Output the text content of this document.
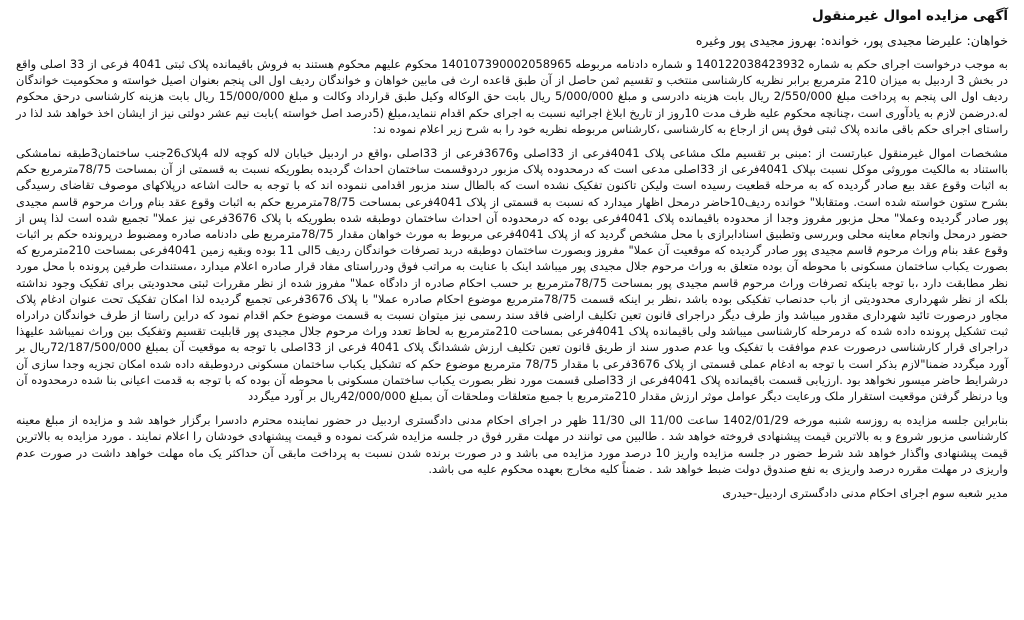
آگهی مزایده اموال غیرمنقول
خواهان: علیرضا مجیدی پور، خوانده: بهروز مجیدی پور وغیره

به موجب درخواست اجرای حکم به شماره 140122038423932 و شماره دادنامه مربوطه 140107390002058965 محکوم علیهم محکوم هستند به فروش باقیمانده پلاک ثبتی 4041 فرعی از 33 اصلی واقع در بخش 3 اردبیل به میزان 210 مترمربع برابر نظریه کارشناسی منتخب و تقسیم ثمن حاصل از آن طبق قاعده ارث فی مابین خواهان و خواندگان ردیف اول الی پنجم بعنوان اصیل خواسته و محکومیت خواندگان ردیف اول الی پنجم به پرداخت مبلغ 2/550/000 ریال بابت هزینه دادرسی و مبلغ 5/000/000 ریال بابت حق الوکاله وکیل طبق قرارداد وکالت و مبلغ 15/000/000 ریال بابت هزینه کارشناسی درحق محکوم له.درضمن لازم به یادآوری است ،چنانچه محکوم علیه ظرف مدت 10روز از تاریخ ابلاغ اجرائیه نسبت به اجرای حکم اقدام ننماید،مبلغ (5درصد اصل خواسته )بابت نیم عشر دولتی نیز از ایشان اخذ خواهد شد لذا در راستای اجرای حکم باقی مانده پلاک ثبتی فوق پس از ارجاع به کارشناسی ،کارشناس مربوطه نظریه خود را به شرح زیر اعلام نموده ند:

مشخصات اموال غیرمنقول عبارتست از :مبنی بر تقسیم ملک مشاعی پلاک 4041فرعی از 33اصلی و3676فرعی از 33اصلی ،واقع در اردبیل خیابان لاله کوچه لاله 4پلاک26جنب ساختمان3طبقه نمامشکی بااستناد به مالکیت موروثی موکل نسبت بپلاک 4041فرعی از 33اصلی مدعی است که درمحدوده پلاک مزبور دردوقسمت ساختمان احداث گردیده بطوریکه نسبت به قسمتی از آن بمساحت 78/75مترمربع حکم به اثبات وقوع عقد بیع صادر گردیده که به مرحله قطعیت رسیده است ولیکن تاکنون تفکیک نشده است که بالطال سند مزبور اقدامی ننموده اند که با توجه به حالت اشاعه درپلاکهای موصوف تقاضای رسیدگی بشرح ستون خواسته شده است. ومتقابلا" خوانده ردیف10حاضر درمحل اظهار میدارد که نسبت به قسمتی از پلاک 4041فرعی بمساحت 78/75مترمربع حکم به اثبات وقوع عقد بنام وراث مرحوم قاسم مجیدی پور صادر گردیده وعملا" محل مزبور مفروز وجدا از محدوده باقیمانده پلاک 4041فرعی بوده که درمحدوده آن احداث ساختمان دوطبقه شده بطوریکه با پلاک 3676فرعی نیز عملا" تجمیع شده است لذا پس از حضور درمحل وانجام معاینه محلی وبررسی وتطبیق اسنادابرازی با محل مشخص گردید که از پلاک 4041فرعی مربوط به مورث خواهان مقدار 78/75مترمربع طی دادنامه صادره ومضبوط درپرونده حکم بر اثبات وقوع عقد بنام وراث مرحوم قاسم مجیدی پور صادر گردیده که موقعیت آن عملا" مفروز وبصورت ساختمان دوطبقه دربد تصرفات خواندگان ردیف 5الی 11 بوده وبقیه زمین 4041فرعی بمساحت 210مترمربع که بصورت یکباب ساختمان مسکونی با محوطه آن بوده متعلق به وراث مرحوم جلال مجیدی پور میباشد اینک با عنایت به مراتب فوق ودرراستای مفاد قرار صادره اعلام میدارد ،مستندات طرفین پرونده با محل مورد نظر مطابقت دارد ،با توجه باینکه تصرفات وراث مرحوم قاسم مجیدی پور بمساحت 78/75مترمربع بر حسب احکام صادره از دادگاه عملا" مفروز شده از نظر مقررات ثبتی محدودیتی برای تفکیک وجود نداشته بلکه از نظر شهرداری محدودیتی از باب حدنصاب تفکیکی بوده باشد ،نظر بر اینکه قسمت 78/75مترمربع موضوع احکام صادره عملا" با پلاک 3676فرعی تجمیع گردیده لذا امکان تفکیک تحت عنوان ادغام پلاک مجاور درصورت تائید شهرداری مقدور میباشد واز طرف دیگر دراجرای قانون تعین تکلیف اراضی فاقد سند رسمی نیز میتوان نسبت به قسمت موضوع حکم اقدام نمود که دراین راستا از طرف خواندگان درادراه ثبت تشکیل پرونده داده شده که درمرحله کارشناسی میباشد ولی باقیمانده پلاک 4041فرعی بمساحت 210مترمربع به لحاظ تعدد وراث مرحوم جلال مجیدی پور قابلیت تقسیم وتفکیک بین وراث نمیباشد علیهذا دراجرای قرار کارشناسی درصورت عدم موافقت با تفکیک ویا عدم صدور سند از طریق قانون تعین تکلیف ارزش ششدانگ پلاک 4041 فرعی از 33اصلی با توجه به موقعیت آن بمبلغ 72/187/500/000ریال بر آورد میگردد ضمنا"لازم بذکر است با توجه به ادغام عملی قسمتی از پلاک 3676فرعی با مقدار 78/75 مترمربع موضوع حکم که تشکیل یکباب ساختمان مسکونی دردوطبقه داده شده امکان تجزیه وجدا سازی آن درشرایط حاضر میسور نخواهد بود .ارزیابی قسمت باقیمانده پلاک 4041فرعی از 33اصلی قسمت مورد نظر بصورت یکباب ساختمان مسکونی با محوطه آن بوده که با توجه به قدمت اعیانی بنا شده درمحدوده آن ویا درنظر گرفتن موقعیت استقرار ملک ورعایت دیگر عوامل موثر ارزش مقدار 210مترمربع با جمیع متعلقات وملحقات آن بمبلغ 42/000/000ریال بر آورد میگردد

بنابراین جلسه مزایده به روزسه شنبه مورخه 1402/01/29 ساعت 11/00 الی 11/30 ظهر در اجرای احکام مدنی دادگستری اردبیل در حضور نماینده محترم دادسرا برگزار خواهد شد و مزایده از مبلغ معینه کارشناسی مزبور شروع و به بالاترین قیمت پیشنهادی فروخته خواهد شد . طالبین می توانند در مهلت مقرر فوق در جلسه مزایده شرکت نموده و قیمت پیشنهادی خودشان را اعلام نمایند . مورد مزایده به بالاترین قیمت پیشنهادی واگذار خواهد شد شرط حضور در جلسه مزایده واریز 10 درصد مورد مزایده می باشد و در صورت برنده شدن نسبت به پرداخت مابقی آن حداکثر یک ماه مهلت خواهد داشت در صورت عدم واریزی در مهلت مقرره درصد واریزی به نفع صندوق دولت ضبط خواهد شد . ضمناً کلیه مخارج بعهده محکوم علیه می باشد.

مدیر شعبه سوم اجرای احکام مدنی دادگستری اردبیل-حیدری
